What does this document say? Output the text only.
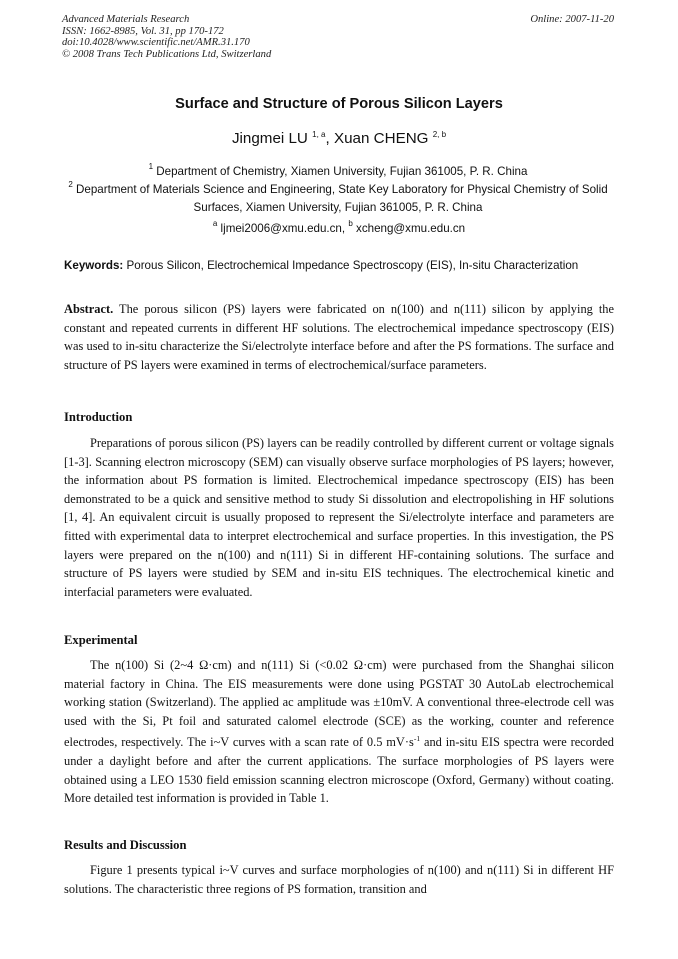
Advanced Materials Research
ISSN: 1662-8985, Vol. 31, pp 170-172
doi:10.4028/www.scientific.net/AMR.31.170
© 2008 Trans Tech Publications Ltd, Switzerland
Online: 2007-11-20
Surface and Structure of Porous Silicon Layers
Jingmei LU $^{1, a}$, Xuan CHENG $^{2, b}$
$^1$ Department of Chemistry, Xiamen University, Fujian 361005, P. R. China
$^2$ Department of Materials Science and Engineering, State Key Laboratory for Physical Chemistry of Solid Surfaces, Xiamen University, Fujian 361005, P. R. China
$^a$ ljmei2006@xmu.edu.cn, $^b$ xcheng@xmu.edu.cn
Keywords: Porous Silicon, Electrochemical Impedance Spectroscopy (EIS), In-situ Characterization
Abstract. The porous silicon (PS) layers were fabricated on n(100) and n(111) silicon by applying the constant and repeated currents in different HF solutions. The electrochemical impedance spectroscopy (EIS) was used to in-situ characterize the Si/electrolyte interface before and after the PS formations. The surface and structure of PS layers were examined in terms of electrochemical/surface parameters.
Introduction
Preparations of porous silicon (PS) layers can be readily controlled by different current or voltage signals [1-3]. Scanning electron microscopy (SEM) can visually observe surface morphologies of PS layers; however, the information about PS formation is limited. Electrochemical impedance spectroscopy (EIS) has been demonstrated to be a quick and sensitive method to study Si dissolution and electropolishing in HF solutions [1, 4]. An equivalent circuit is usually proposed to represent the Si/electrolyte interface and parameters are fitted with experimental data to interpret electrochemical and surface properties. In this investigation, the PS layers were prepared on the n(100) and n(111) Si in different HF-containing solutions. The surface and structure of PS layers were studied by SEM and in-situ EIS techniques. The electrochemical kinetic and interfacial parameters were evaluated.
Experimental
The n(100) Si (2~4 Ω·cm) and n(111) Si (<0.02 Ω·cm) were purchased from the Shanghai silicon material factory in China. The EIS measurements were done using PGSTAT 30 AutoLab electrochemical working station (Switzerland). The applied ac amplitude was ±10mV. A conventional three-electrode cell was used with the Si, Pt foil and saturated calomel electrode (SCE) as the working, counter and reference electrodes, respectively. The i~V curves with a scan rate of 0.5 $mV\cdot s^{-1}$ and in-situ EIS spectra were recorded under a daylight before and after the current applications. The surface morphologies of PS layers were obtained using a LEO 1530 field emission scanning electron microscope (Oxford, Germany) without coating. More detailed test information is provided in Table 1.
Results and Discussion
Figure 1 presents typical i~V curves and surface morphologies of n(100) and n(111) Si in different HF solutions. The characteristic three regions of PS formation, transition and
